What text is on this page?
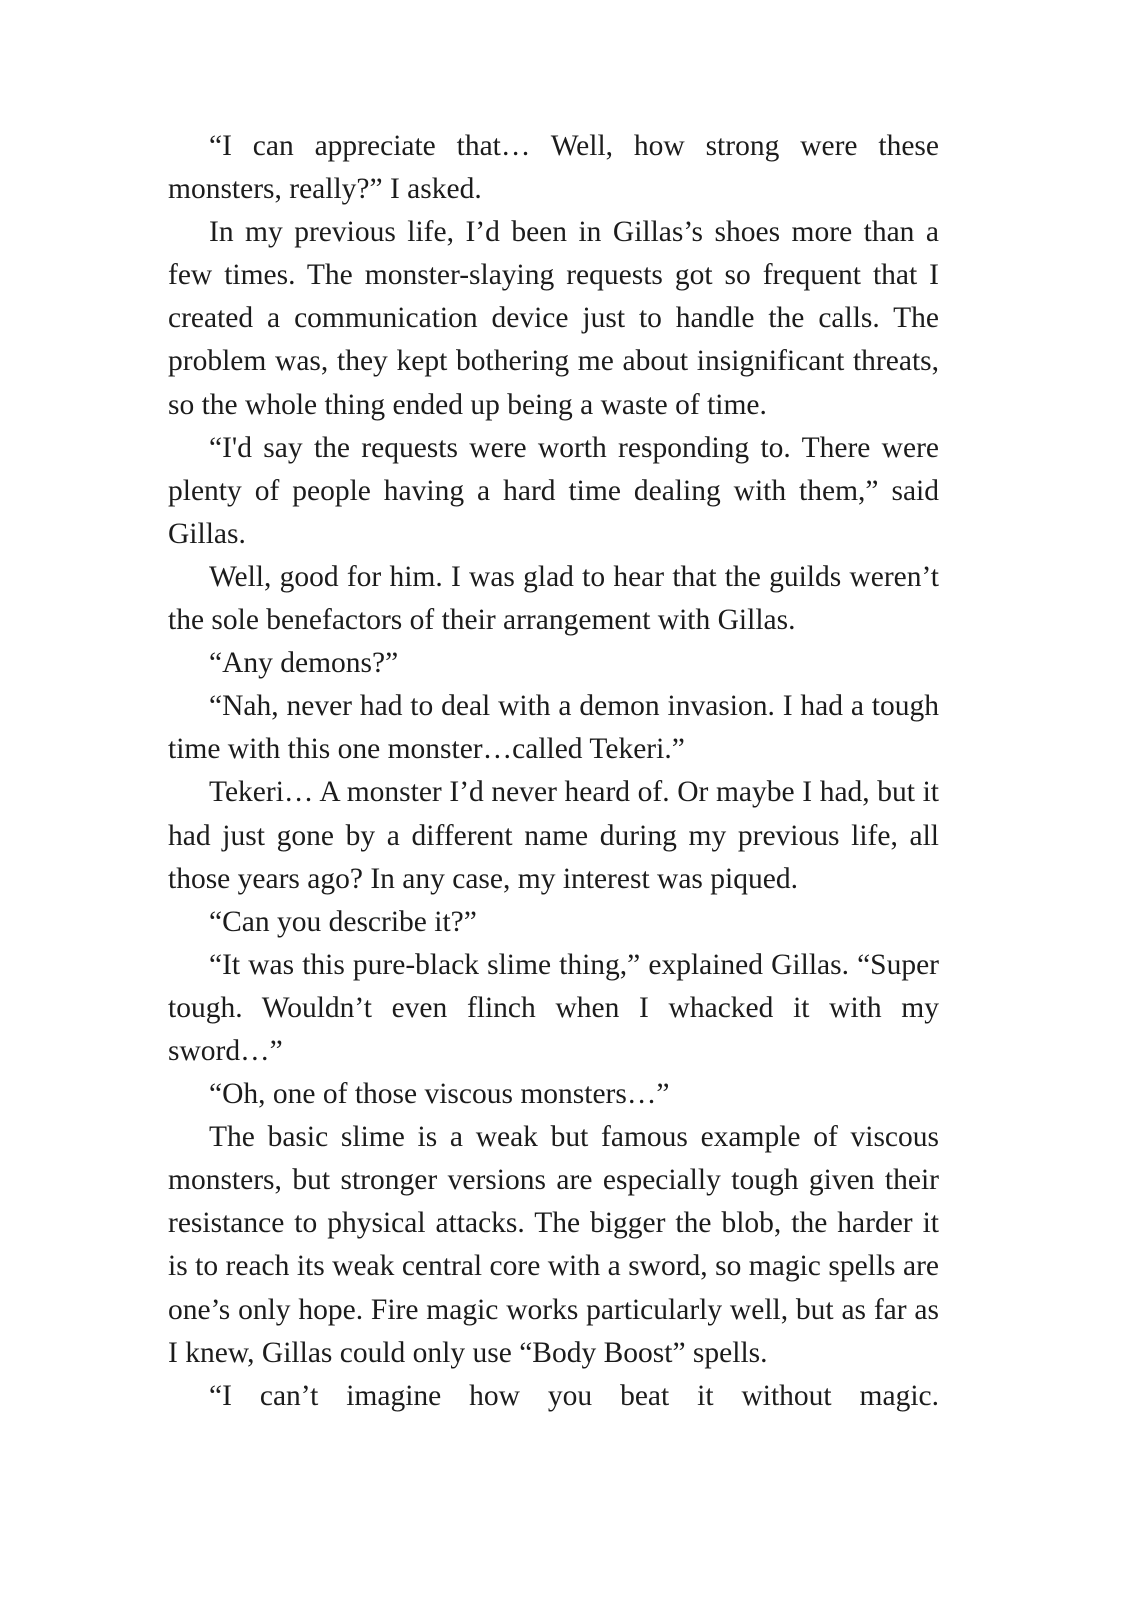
“I can appreciate that… Well, how strong were these monsters, really?” I asked.

In my previous life, I’d been in Gillas’s shoes more than a few times. The monster-slaying requests got so frequent that I created a communication device just to handle the calls. The problem was, they kept bothering me about insignificant threats, so the whole thing ended up being a waste of time.

“I'd say the requests were worth responding to. There were plenty of people having a hard time dealing with them,” said Gillas.

Well, good for him. I was glad to hear that the guilds weren’t the sole benefactors of their arrangement with Gillas.

“Any demons?”

“Nah, never had to deal with a demon invasion. I had a tough time with this one monster…called Tekeri.”

Tekeri… A monster I’d never heard of. Or maybe I had, but it had just gone by a different name during my previous life, all those years ago? In any case, my interest was piqued.

“Can you describe it?”

“It was this pure-black slime thing,” explained Gillas. “Super tough. Wouldn’t even flinch when I whacked it with my sword…”

“Oh, one of those viscous monsters…”

The basic slime is a weak but famous example of viscous monsters, but stronger versions are especially tough given their resistance to physical attacks. The bigger the blob, the harder it is to reach its weak central core with a sword, so magic spells are one’s only hope. Fire magic works particularly well, but as far as I knew, Gillas could only use “Body Boost” spells.

“I can’t imagine how you beat it without magic.
